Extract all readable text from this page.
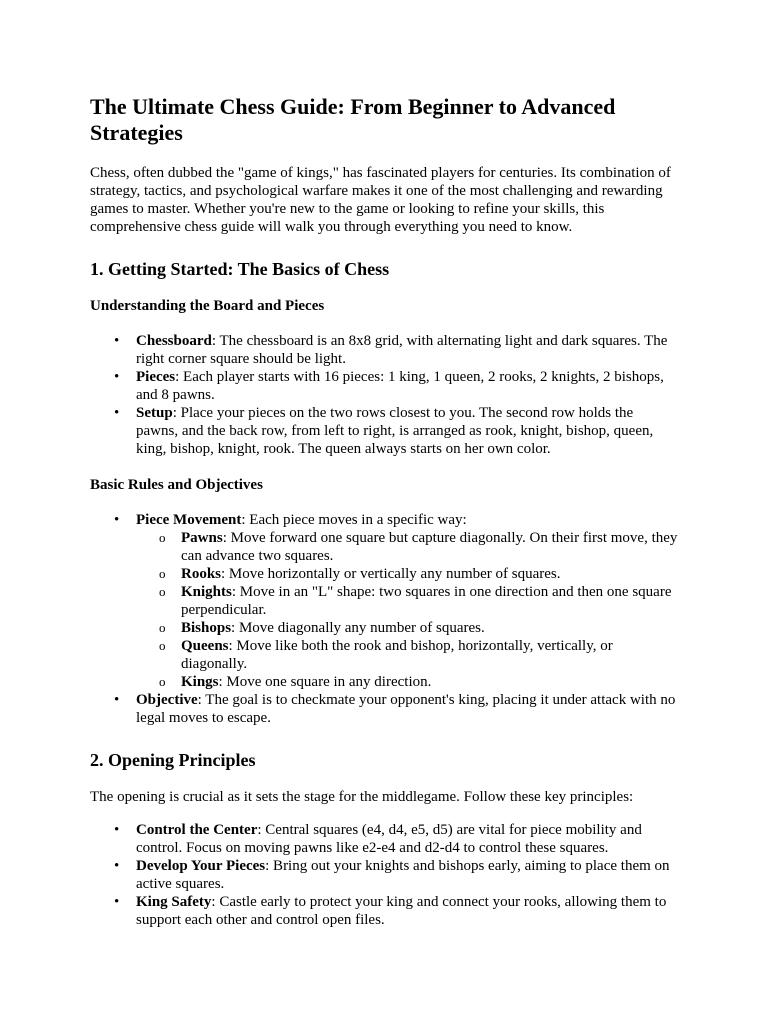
The Ultimate Chess Guide: From Beginner to Advanced Strategies

Chess, often dubbed the "game of kings," has fascinated players for centuries. Its combination of strategy, tactics, and psychological warfare makes it one of the most challenging and rewarding games to master. Whether you're new to the game or looking to refine your skills, this comprehensive chess guide will walk you through everything you need to know.

1. Getting Started: The Basics of Chess
Understanding the Board and Pieces
• Chessboard: The chessboard is an 8x8 grid, with alternating light and dark squares. The right corner square should be light.
• Pieces: Each player starts with 16 pieces: 1 king, 1 queen, 2 rooks, 2 knights, 2 bishops, and 8 pawns.
• Setup: Place your pieces on the two rows closest to you. The second row holds the pawns, and the back row, from left to right, is arranged as rook, knight, bishop, queen, king, bishop, knight, rook. The queen always starts on her own color.
Basic Rules and Objectives
• Piece Movement: Each piece moves in a specific way:
o Pawns: Move forward one square but capture diagonally. On their first move, they can advance two squares.
o Rooks: Move horizontally or vertically any number of squares.
o Knights: Move in an "L" shape: two squares in one direction and then one square perpendicular.
o Bishops: Move diagonally any number of squares.
o Queens: Move like both the rook and bishop, horizontally, vertically, or diagonally.
o Kings: Move one square in any direction.
• Objective: The goal is to checkmate your opponent's king, placing it under attack with no legal moves to escape.
2. Opening Principles

The opening is crucial as it sets the stage for the middlegame. Follow these key principles:

• Control the Center: Central squares (e4, d4, e5, d5) are vital for piece mobility and control. Focus on moving pawns like e2-e4 and d2-d4 to control these squares.
• Develop Your Pieces: Bring out your knights and bishops early, aiming to place them on active squares.
• King Safety: Castle early to protect your king and connect your rooks, allowing them to support each other and control open files.
